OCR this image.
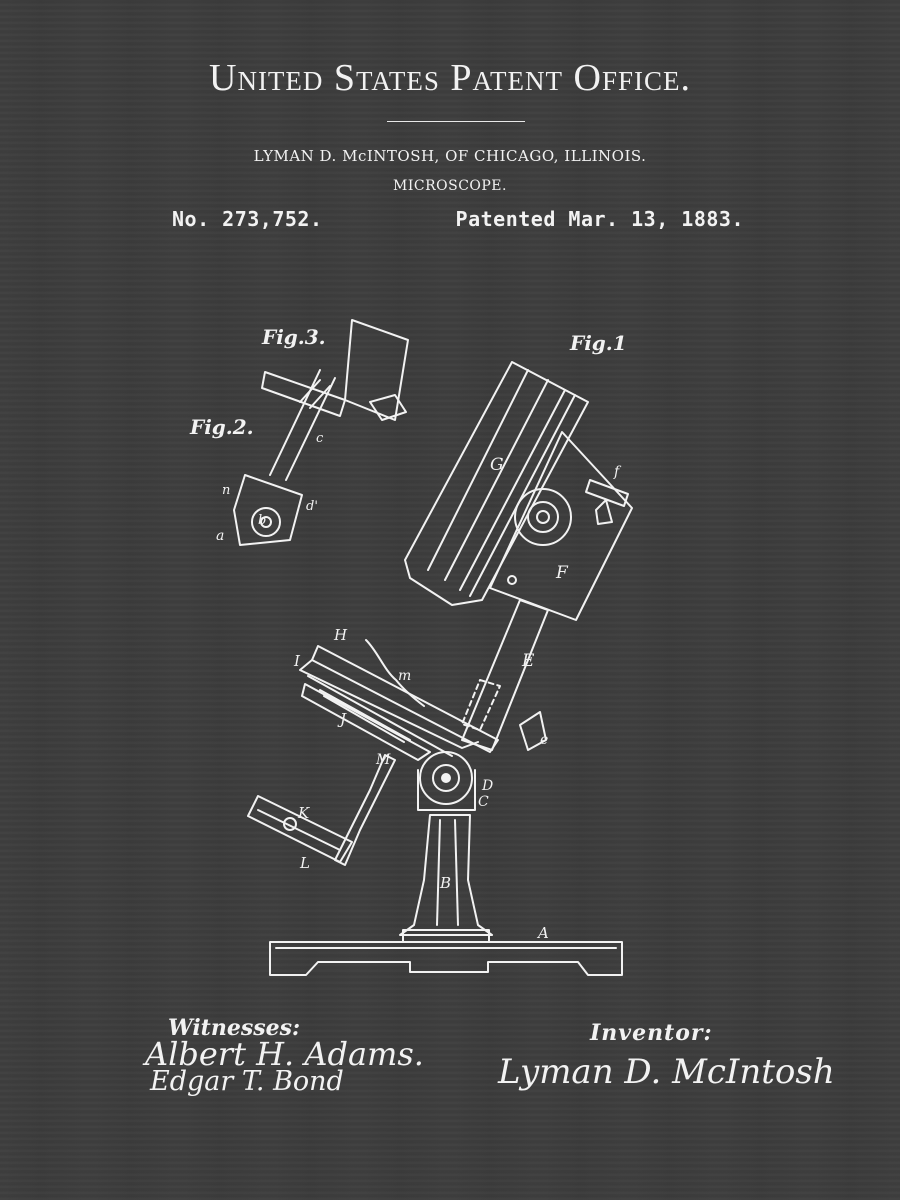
United States Patent Office.
LYMAN D. McINTOSH, OF CHICAGO, ILLINOIS.
MICROSCOPE.
No. 273,752.	Patented Mar. 13, 1883.
Fig.1
Fig.2.
Fig.3.
G
F
E
H
I
J
K
L
M
B
A
C
D
m
e
f
a
b
d'
c
n
Witnesses:
Albert H. Adams.
Edgar T. Bond
Inventor:
Lyman D. McIntosh
